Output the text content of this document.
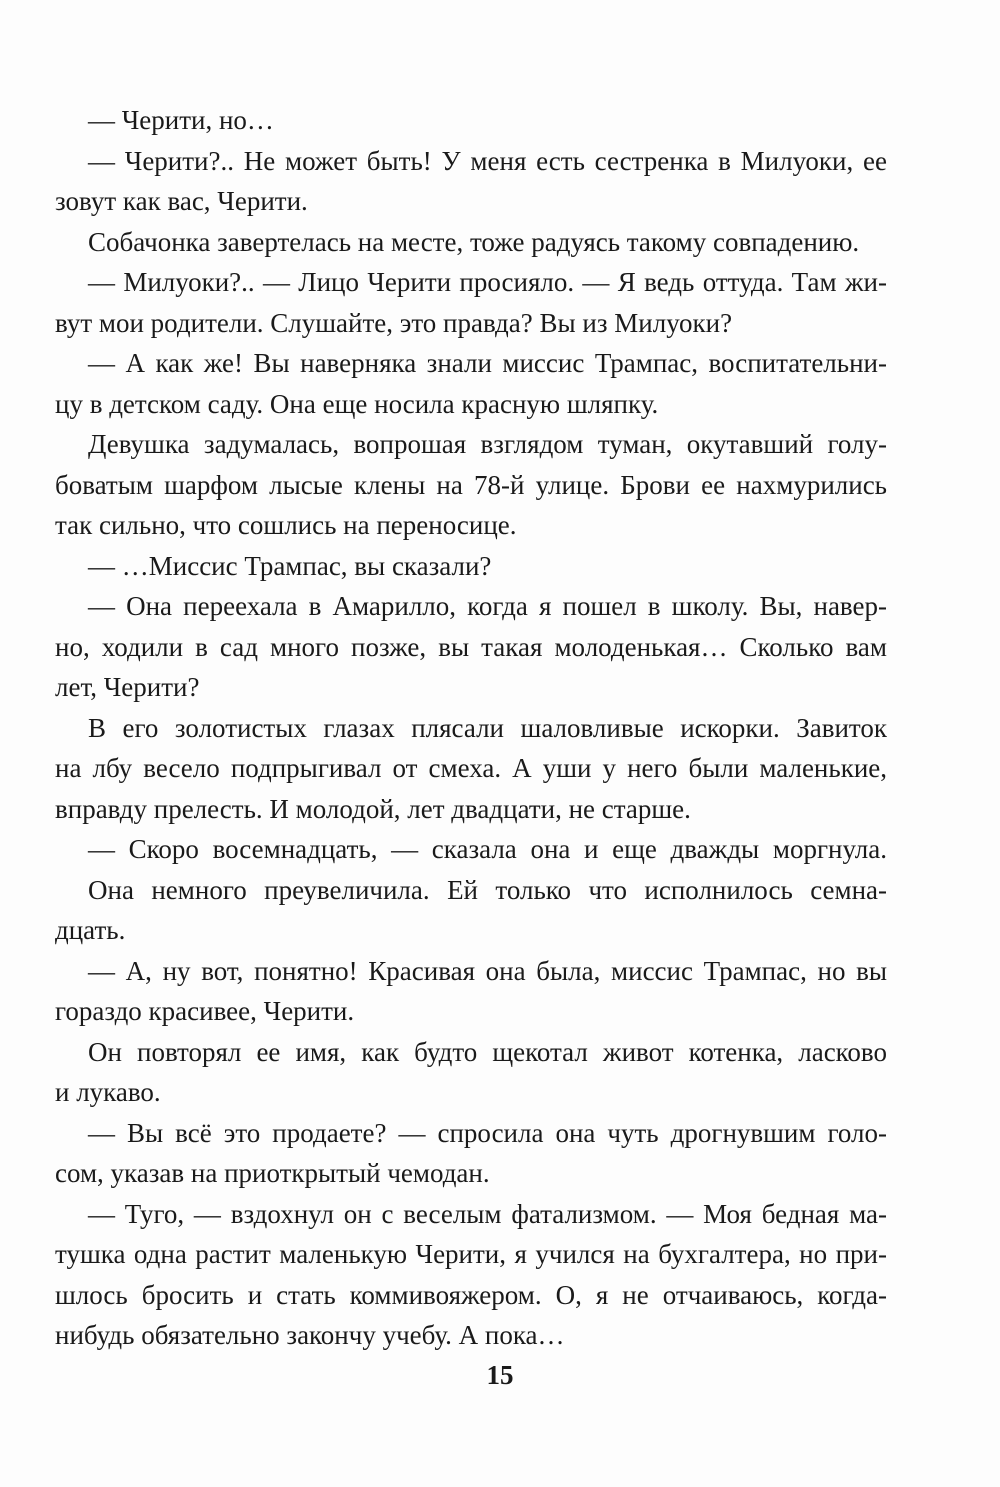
— Черити, но…
— Черити?.. Не может быть! У меня есть сестренка в Милуоки, ее
зовут как вас, Черити.
Собачонка завертелась на месте, тоже радуясь такому совпадению.
— Милуоки?.. — Лицо Черити просияло. — Я ведь оттуда. Там жи-
вут мои родители. Слушайте, это правда? Вы из Милуоки?
— А как же! Вы наверняка знали миссис Трампас, воспитательни-
цу в детском саду. Она еще носила красную шляпку.
Девушка задумалась, вопрошая взглядом туман, окутавший голу-
боватым шарфом лысые клены на 78-й улице. Брови ее нахмурились
так сильно, что сошлись на переносице.
— …Миссис Трампас, вы сказали?
— Она переехала в Амарилло, когда я пошел в школу. Вы, навер-
но, ходили в сад много позже, вы такая молоденькая… Сколько вам
лет, Черити?
В его золотистых глазах плясали шаловливые искорки. Завиток
на лбу весело подпрыгивал от смеха. А уши у него были маленькие,
вправду прелесть. И молодой, лет двадцати, не старше.
— Скоро восемнадцать, — сказала она и еще дважды моргнула.
Она немного преувеличила. Ей только что исполнилось семна-
дцать.
— А, ну вот, понятно! Красивая она была, миссис Трампас, но вы
гораздо красивее, Черити.
Он повторял ее имя, как будто щекотал живот котенка, ласково
и лукаво.
— Вы всё это продаете? — спросила она чуть дрогнувшим голо-
сом, указав на приоткрытый чемодан.
— Туго, — вздохнул он с веселым фатализмом. — Моя бедная ма-
тушка одна растит маленькую Черити, я учился на бухгалтера, но при-
шлось бросить и стать коммивояжером. О, я не отчаиваюсь, когда-
нибудь обязательно закончу учебу. А пока…
15
